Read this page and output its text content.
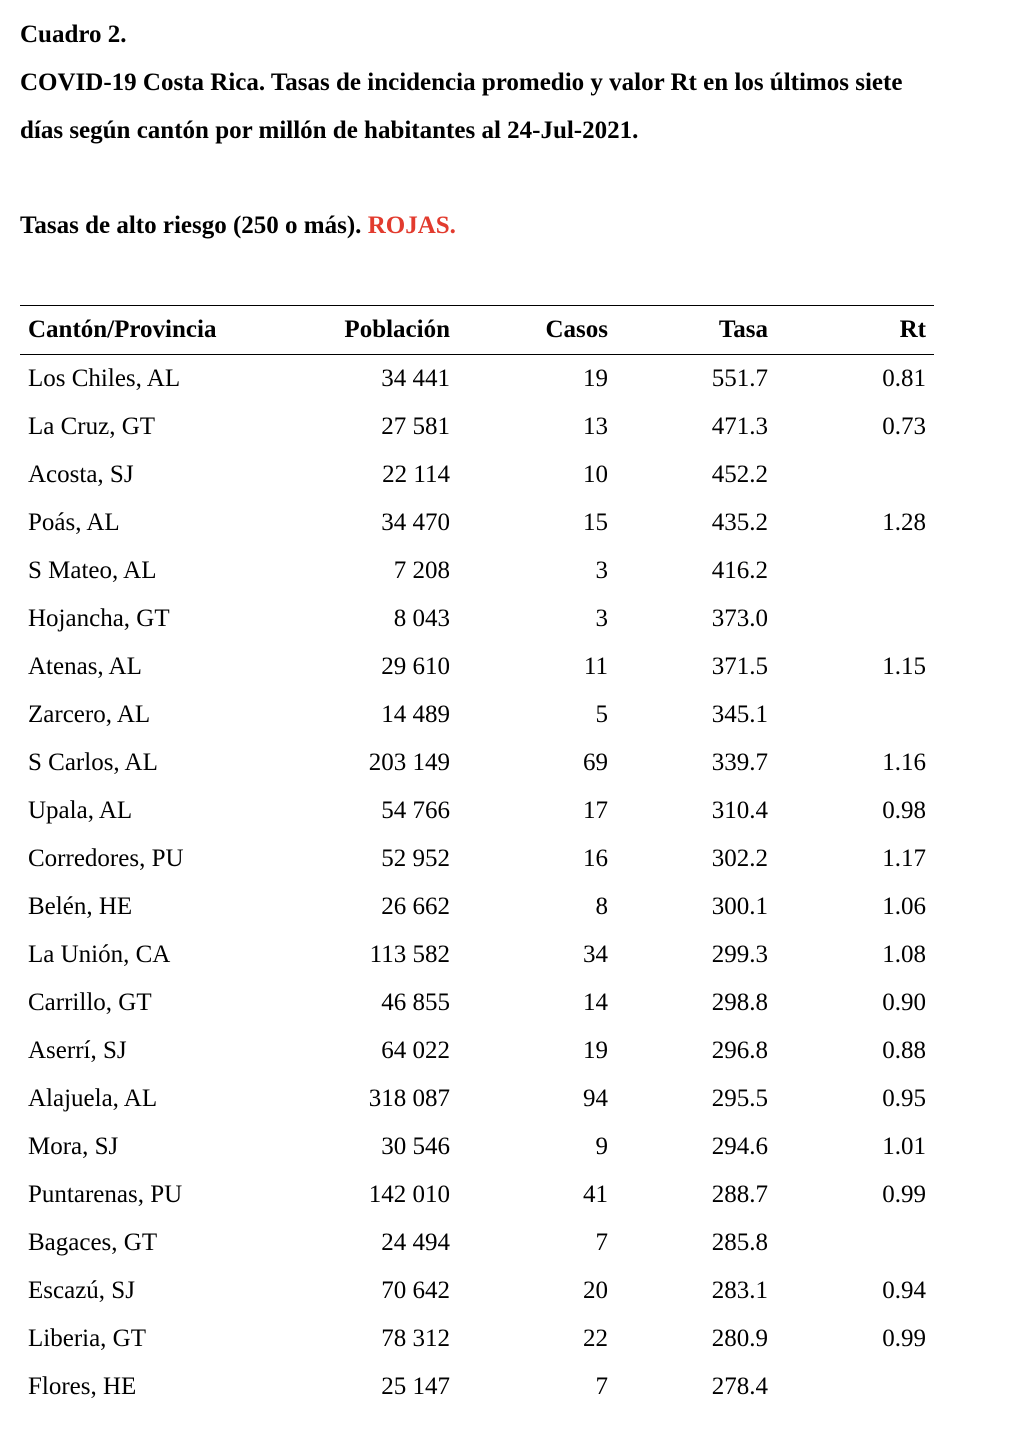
Cuadro 2.
COVID-19 Costa Rica. Tasas de incidencia promedio y valor Rt en los últimos siete
días según cantón por millón de habitantes al 24-Jul-2021.
Tasas de alto riesgo (250 o más). ROJAS.
Cantón/Provincia	Población	Casos	Tasa	Rt
Los Chiles, AL	34 441	19	551.7	0.81
La Cruz, GT	27 581	13	471.3	0.73
Acosta, SJ	22 114	10	452.2
Poás, AL	34 470	15	435.2	1.28
S Mateo, AL	7 208	3	416.2
Hojancha, GT	8 043	3	373.0
Atenas, AL	29 610	11	371.5	1.15
Zarcero, AL	14 489	5	345.1
S Carlos, AL	203 149	69	339.7	1.16
Upala, AL	54 766	17	310.4	0.98
Corredores, PU	52 952	16	302.2	1.17
Belén, HE	26 662	8	300.1	1.06
La Unión, CA	113 582	34	299.3	1.08
Carrillo, GT	46 855	14	298.8	0.90
Aserrí, SJ	64 022	19	296.8	0.88
Alajuela, AL	318 087	94	295.5	0.95
Mora, SJ	30 546	9	294.6	1.01
Puntarenas, PU	142 010	41	288.7	0.99
Bagaces, GT	24 494	7	285.8
Escazú, SJ	70 642	20	283.1	0.94
Liberia, GT	78 312	22	280.9	0.99
Flores, HE	25 147	7	278.4
